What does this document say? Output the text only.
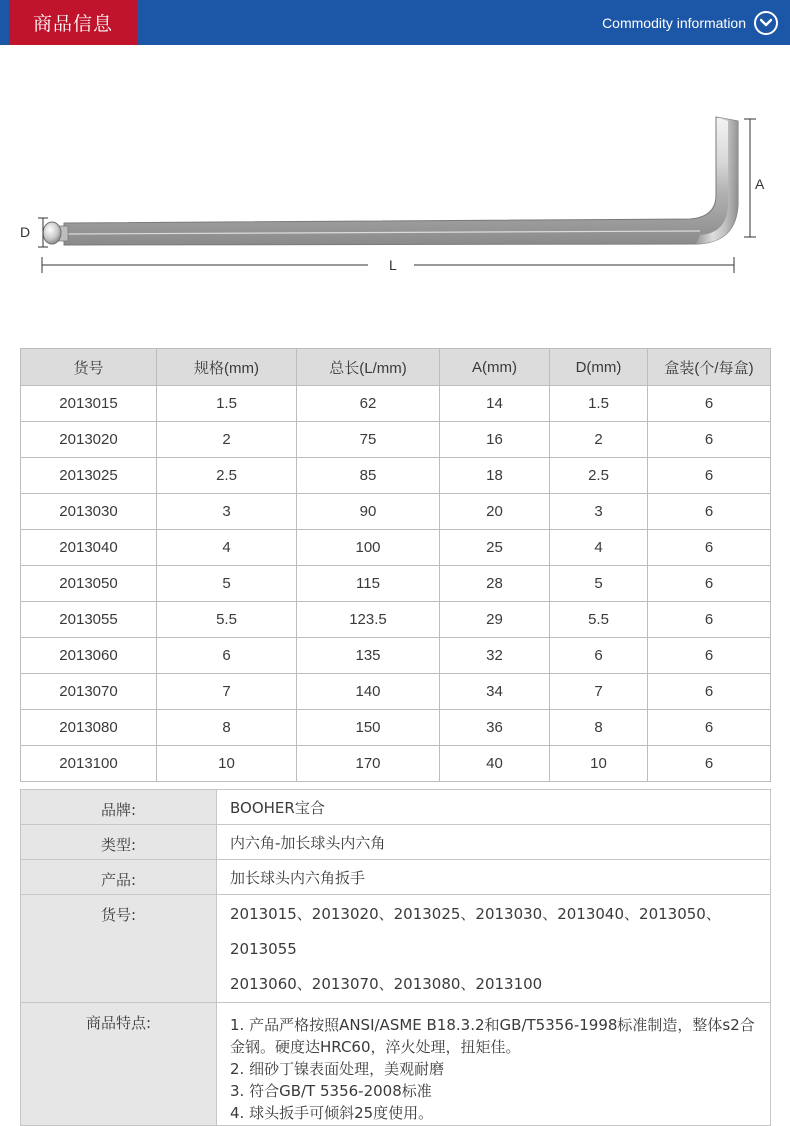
商品信息	Commodity information
D
A
L
货号	规格(mm)	总长(L/mm)	A(mm)	D(mm)	盒装(个/每盒)
2013015	1.5	62	14	1.5	6
2013020	2	75	16	2	6
2013025	2.5	85	18	2.5	6
2013030	3	90	20	3	6
2013040	4	100	25	4	6
2013050	5	115	28	5	6
2013055	5.5	123.5	29	5.5	6
2013060	6	135	32	6	6
2013070	7	140	34	7	6
2013080	8	150	36	8	6
2013100	10	170	40	10	6
品牌:	BOOHER宝合
类型:	内六角-加长球头内六角
产品:	加长球头内六角扳手
货号:	2013015、2013020、2013025、2013030、2013040、2013050、2013055
2013060、2013070、2013080、2013100

商品特点:	1. 产品严格按照ANSI/ASME B18.3.2和GB/T5356-1998标准制造，整体s2合
金钢。硬度达HRC60，淬火处理，扭矩佳。
2. 细砂丁镍表面处理，美观耐磨
3. 符合GB/T 5356-2008标准
4. 球头扳手可倾斜25度使用。
